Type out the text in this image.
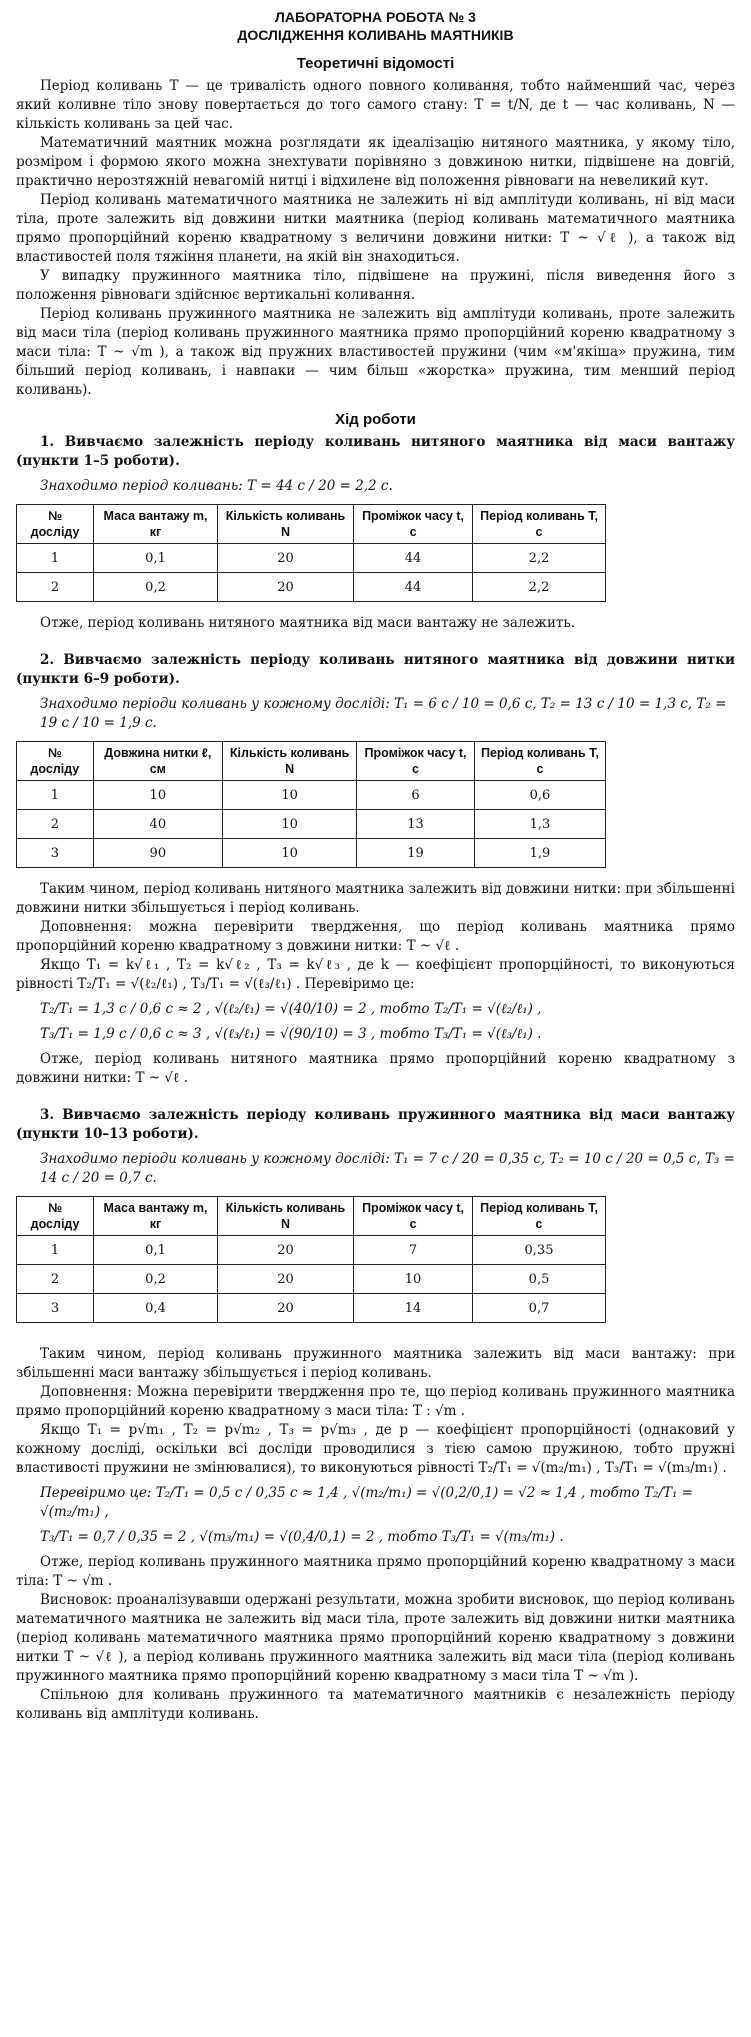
ЛАБОРАТОРНА РОБОТА № 3
ДОСЛІДЖЕННЯ КОЛИВАНЬ МАЯТНИКІВ
Теоретичні відомості

Період коливань T — це тривалість одного повного коливання, тобто найменший час, через який коливне тіло знову повертається до того самого стану: T = t/N, де t — час коливань, N — кількість коливань за цей час.

Математичний маятник можна розглядати як ідеалізацію нитяного маятника, у якому тіло, розміром і формою якого можна знехтувати порівняно з довжиною нитки, підвішене на довгій, практично нерозтяжній невагомій нитці і відхилене від положення рівноваги на невеликий кут.

Період коливань математичного маятника не залежить ні від амплітуди коливань, ні від маси тіла, проте залежить від довжини нитки маятника (період коливань математичного маятника прямо пропорційний кореню квадратному з величини довжини нитки: T ~ √ℓ ), а також від властивостей поля тяжіння планети, на якій він знаходиться.

У випадку пружинного маятника тіло, підвішене на пружині, після виведення його з положення рівноваги здійснює вертикальні коливання.

Період коливань пружинного маятника не залежить від амплітуди коливань, проте залежить від маси тіла (період коливань пружинного маятника прямо пропорційний кореню квадратному з маси тіла: T ~ √m ), а також від пружних властивостей пружини (чим «м'якіша» пружина, тим більший період коливань, і навпаки — чим більш «жорстка» пружина, тим менший період коливань).

Хід роботи

1. Вивчаємо залежність періоду коливань нитяного маятника від маси вантажу (пункти 1–5 роботи).

Знаходимо період коливань: T = 44 с / 20 = 2,2 с.
№ досліду	Маса вантажу m, кг	Кількість коливань N	Проміжок часу t, с	Період коливань T, с
1	0,1	20	44	2,2
2	0,2	20	44	2,2

Отже, період коливань нитяного маятника від маси вантажу не залежить.

2. Вивчаємо залежність періоду коливань нитяного маятника від довжини нитки (пункти 6–9 роботи).

Знаходимо періоди коливань у кожному досліді: T₁ = 6 с / 10 = 0,6 с, T₂ = 13 с / 10 = 1,3 с, T₂ = 19 с / 10 = 1,9 с.
№ досліду	Довжина нитки ℓ, см	Кількість коливань N	Проміжок часу t, с	Період коливань T, с
1	10	10	6	0,6
2	40	10	13	1,3
3	90	10	19	1,9

Таким чином, період коливань нитяного маятника залежить від довжини нитки: при збільшенні довжини нитки збільшується і період коливань.

Доповнення: можна перевірити твердження, що період коливань маятника прямо пропорційний кореню квадратному з довжини нитки: T ~ √ℓ .

Якщо T₁ = k√ℓ₁ , T₂ = k√ℓ₂ , T₃ = k√ℓ₃ , де k — коефіцієнт пропорційності, то виконуються рівності T₂/T₁ = √(ℓ₂/ℓ₁) , T₃/T₁ = √(ℓ₃/ℓ₁) . Перевіримо це:

T₂/T₁ = 1,3 с / 0,6 с ≈ 2 , √(ℓ₂/ℓ₁) = √(40/10) = 2 , тобто T₂/T₁ = √(ℓ₂/ℓ₁) ,
T₃/T₁ = 1,9 с / 0,6 с ≈ 3 , √(ℓ₃/ℓ₁) = √(90/10) = 3 , тобто T₃/T₁ = √(ℓ₃/ℓ₁) .

Отже, період коливань нитяного маятника прямо пропорційний кореню квадратному з довжини нитки: T ~ √ℓ .

3. Вивчаємо залежність періоду коливань пружинного маятника від маси вантажу (пункти 10–13 роботи).

Знаходимо періоди коливань у кожному досліді: T₁ = 7 с / 20 = 0,35 с, T₂ = 10 с / 20 = 0,5 с, T₃ = 14 с / 20 = 0,7 с.
№ досліду	Маса вантажу m, кг	Кількість коливань N	Проміжок часу t, с	Період коливань T, с
1	0,1	20	7	0,35
2	0,2	20	10	0,5
3	0,4	20	14	0,7

Таким чином, період коливань пружинного маятника залежить від маси вантажу: при збільшенні маси вантажу збільшується і період коливань.

Доповнення: Можна перевірити твердження про те, що період коливань пружинного маятника прямо пропорційний кореню квадратному з маси тіла: T : √m .

Якщо T₁ = p√m₁ , T₂ = p√m₂ , T₃ = p√m₃ , де p — коефіцієнт пропорційності (однаковий у кожному досліді, оскільки всі досліди проводилися з тією самою пружиною, тобто пружні властивості пружини не змінювалися), то виконуються рівності T₂/T₁ = √(m₂/m₁) , T₃/T₁ = √(m₃/m₁) .

Перевіримо це: T₂/T₁ = 0,5 с / 0,35 с ≈ 1,4 , √(m₂/m₁) = √(0,2/0,1) = √2 ≈ 1,4 , тобто T₂/T₁ = √(m₂/m₁) ,
T₃/T₁ = 0,7 / 0,35 = 2 , √(m₃/m₁) = √(0,4/0,1) = 2 , тобто T₃/T₁ = √(m₃/m₁) .

Отже, період коливань пружинного маятника прямо пропорційний кореню квадратному з маси тіла: T ~ √m .

Висновок: проаналізувавши одержані результати, можна зробити висновок, що період коливань математичного маятника не залежить від маси тіла, проте залежить від довжини нитки маятника (період коливань математичного маятника прямо пропорційний кореню квадратному з довжини нитки T ~ √ℓ ), а період коливань пружинного маятника залежить від маси тіла (період коливань пружинного маятника прямо пропорційний кореню квадратному з маси тіла T ~ √m ).

Спільною для коливань пружинного та математичного маятників є незалежність періоду коливань від амплітуди коливань.
